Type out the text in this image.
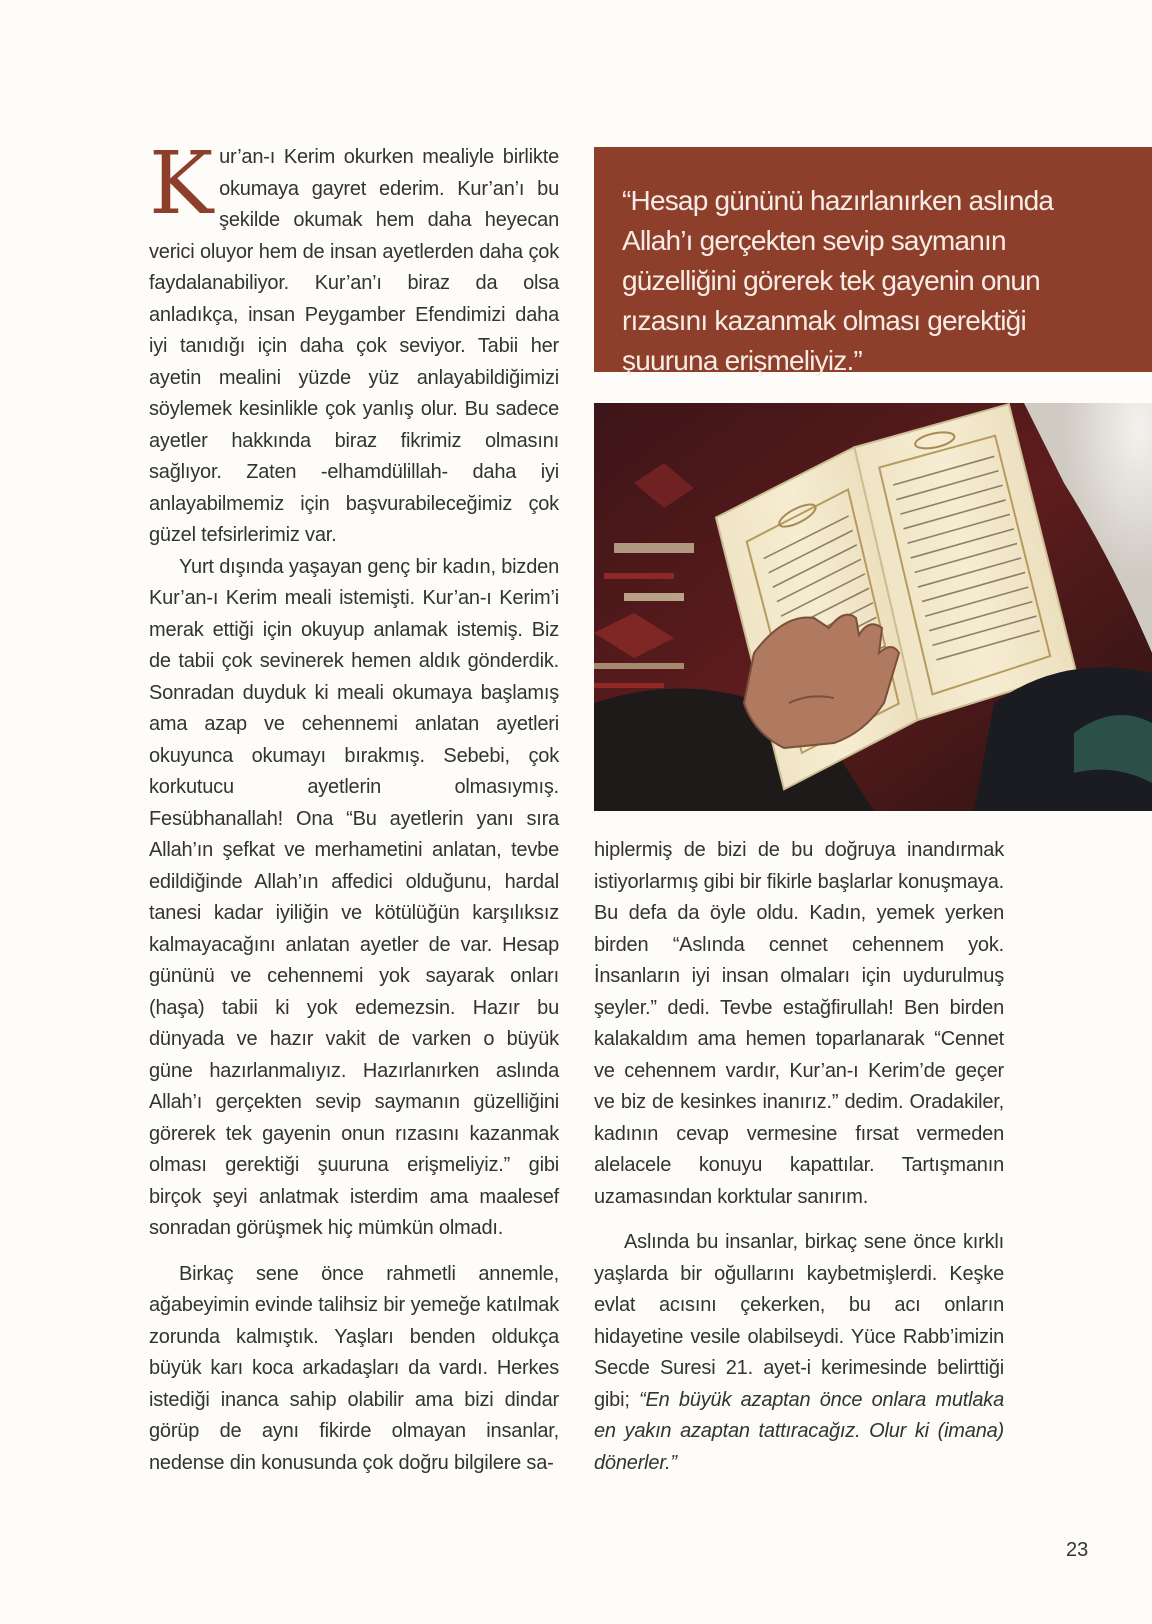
Kur’an-ı Kerim okurken mealiyle birlikte okumaya gayret ederim. Kur’an’ı bu şekilde okumak hem daha heyecan verici oluyor hem de insan ayetlerden daha çok faydalanabiliyor. Kur’an’ı biraz da olsa anladıkça, insan Peygamber Efendimizi daha iyi tanıdığı için daha çok seviyor. Tabii her ayetin mealini yüzde yüz anlayabildiğimizi söylemek kesinlikle çok yanlış olur. Bu sadece ayetler hakkında biraz fikrimiz olmasını sağlıyor. Zaten -elhamdülillah- daha iyi anlayabilmemiz için başvurabileceğimiz çok güzel tefsirlerimiz var.

Yurt dışında yaşayan genç bir kadın, bizden Kur’an-ı Kerim meali istemişti. Kur’an-ı Kerim’i merak ettiği için okuyup anlamak istemiş. Biz de tabii çok sevinerek hemen aldık gönderdik. Sonradan duyduk ki meali okumaya başlamış ama azap ve cehennemi anlatan ayetleri okuyunca okumayı bırakmış. Sebebi, çok korkutucu ayetlerin olmasıymış. Fesübhanallah! Ona “Bu ayetlerin yanı sıra Allah’ın şefkat ve merhametini anlatan, tevbe edildiğinde Allah’ın affedici olduğunu, hardal tanesi kadar iyiliğin ve kötülüğün karşılıksız kalmayacağını anlatan ayetler de var. Hesap gününü ve cehennemi yok sayarak onları (haşa) tabii ki yok edemezsin. Hazır bu dünyada ve hazır vakit de varken o büyük güne hazırlanmalıyız. Hazırlanırken aslında Allah’ı gerçekten sevip saymanın güzelliğini görerek tek gayenin onun rızasını kazanmak olması gerektiği şuuruna erişmeliyiz.” gibi birçok şeyi anlatmak isterdim ama maalesef sonradan görüşmek hiç mümkün olmadı.

Birkaç sene önce rahmetli annemle, ağabeyimin evinde talihsiz bir yemeğe katılmak zorunda kalmıştık. Yaşları benden oldukça büyük karı koca arkadaşları da vardı. Herkes istediği inanca sahip olabilir ama bizi dindar görüp de aynı fikirde olmayan insanlar, nedense din konusunda çok doğru bilgilere sa-

“Hesap gününü hazırlanırken aslında Allah’ı gerçekten sevip saymanın güzelliğini görerek tek gayenin onun rızasını kazanmak olması gerektiği şuuruna erişmeliyiz.”

hiplermiş de bizi de bu doğruya inandırmak istiyorlarmış gibi bir fikirle başlarlar konuşmaya. Bu defa da öyle oldu. Kadın, yemek yerken birden “Aslında cennet cehennem yok. İnsanların iyi insan olmaları için uydurulmuş şeyler.” dedi. Tevbe estağfirullah! Ben birden kalakaldım ama hemen toparlanarak “Cennet ve cehennem vardır, Kur’an-ı Kerim’de geçer ve biz de kesinkes inanırız.” dedim. Oradakiler, kadının cevap vermesine fırsat vermeden alelacele konuyu kapattılar. Tartışmanın uzamasından korktular sanırım.

Aslında bu insanlar, birkaç sene önce kırklı yaşlarda bir oğullarını kaybetmişlerdi. Keşke evlat acısını çekerken, bu acı onların hidayetine vesile olabilseydi. Yüce Rabb’imizin Secde Suresi 21. ayet-i kerimesinde belirttiği gibi; “En büyük azaptan önce onlara mutlaka en yakın azaptan tattıracağız. Olur ki (imana) dönerler.”

23
